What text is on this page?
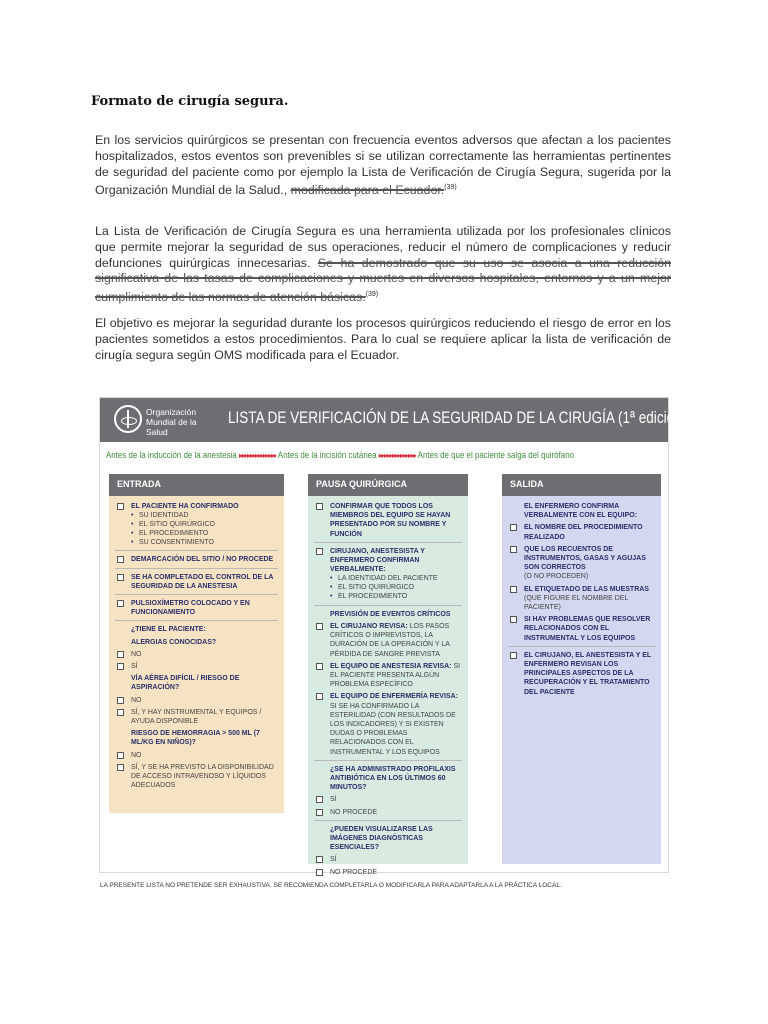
Formato de cirugía segura.

En los servicios quirúrgicos se presentan con frecuencia eventos adversos que afectan a los pacientes hospitalizados, estos eventos son prevenibles si se utilizan correctamente las herramientas pertinentes de seguridad del paciente como por ejemplo la Lista de Verificación de Cirugía Segura, sugerida por la Organización Mundial de la Salud., modificada para el Ecuador.$^{(39)}$

La Lista de Verificación de Cirugía Segura es una herramienta utilizada por los profesionales clínicos que permite mejorar la seguridad de sus operaciones, reducir el número de complicaciones y reducir defunciones quirúrgicas innecesarias. Se ha demostrado que su uso se asocia a una reducción significativa de las tasas de complicaciones y muertes en diversos hospitales, entornos y a un mejor cumplimiento de las normas de atención básicas.$^{(39)}$

El objetivo es mejorar la seguridad durante los procesos quirúrgicos reduciendo el riesgo de error en los pacientes sometidos a estos procedimientos. Para lo cual se requiere aplicar la lista de verificación de cirugía segura según OMS modificada para el Ecuador.

Organización
Mundial de la Salud
LISTA DE VERIFICACIÓN DE LA SEGURIDAD DE LA CIRUGÍA (1ª edición)
Antes de la inducción de la anestesia ▸▸▸▸▸▸▸▸▸▸▸▸▸▸ Antes de la incisión cutánea ▸▸▸▸▸▸▸▸▸▸▸▸▸▸ Antes de que el paciente salga del quirófano
ENTRADA
EL PACIENTE HA CONFIRMADO
• SU IDENTIDAD
• EL SITIO QUIRÚRGICO
• EL PROCEDIMIENTO
• SU CONSENTIMIENTO
DEMARCACIÓN DEL SITIO / NO PROCEDE
SE HA COMPLETADO EL CONTROL DE LA SEGURIDAD DE LA ANESTESIA
PULSIOXÍMETRO COLOCADO Y EN FUNCIONAMIENTO
¿TIENE EL PACIENTE:
ALERGIAS CONOCIDAS?
NO
SÍ
VÍA AÉREA DIFÍCIL / RIESGO DE ASPIRACIÓN?
NO
SÍ, Y HAY INSTRUMENTAL Y EQUIPOS / AYUDA DISPONIBLE
RIESGO DE HEMORRAGIA > 500 ML (7 ML/KG EN NIÑOS)?
NO
SÍ, Y SE HA PREVISTO LA DISPONIBILIDAD DE ACCESO INTRAVENOSO Y LÍQUIDOS ADECUADOS
PAUSA QUIRÚRGICA
CONFIRMAR QUE TODOS LOS MIEMBROS DEL EQUIPO SE HAYAN PRESENTADO POR SU NOMBRE Y FUNCIÓN
CIRUJANO, ANESTESISTA Y ENFERMERO CONFIRMAN VERBALMENTE:
• LA IDENTIDAD DEL PACIENTE
• EL SITIO QUIRÚRGICO
• EL PROCEDIMIENTO
PREVISIÓN DE EVENTOS CRÍTICOS
EL CIRUJANO REVISA: LOS PASOS CRÍTICOS O IMPREVISTOS, LA DURACIÓN DE LA OPERACIÓN Y LA PÉRDIDA DE SANGRE PREVISTA
EL EQUIPO DE ANESTESIA REVISA: SI EL PACIENTE PRESENTA ALGÚN PROBLEMA ESPECÍFICO
EL EQUIPO DE ENFERMERÍA REVISA: SI SE HA CONFIRMADO LA ESTERILIDAD (CON RESULTADOS DE LOS INDICADORES) Y SI EXISTEN DUDAS O PROBLEMAS RELACIONADOS CON EL INSTRUMENTAL Y LOS EQUIPOS
¿SE HA ADMINISTRADO PROFILAXIS ANTIBIÓTICA EN LOS ÚLTIMOS 60 MINUTOS?
SÍ
NO PROCEDE
¿PUEDEN VISUALIZARSE LAS IMÁGENES DIAGNÓSTICAS ESENCIALES?
SÍ
NO PROCEDE
SALIDA
EL ENFERMERO CONFIRMA VERBALMENTE CON EL EQUIPO:
EL NOMBRE DEL PROCEDIMIENTO REALIZADO
QUE LOS RECUENTOS DE INSTRUMENTOS, GASAS Y AGUJAS SON CORRECTOS
(O NO PROCEDEN)
EL ETIQUETADO DE LAS MUESTRAS
(QUE FIGURE EL NOMBRE DEL PACIENTE)
SI HAY PROBLEMAS QUE RESOLVER RELACIONADOS CON EL INSTRUMENTAL Y LOS EQUIPOS
EL CIRUJANO, EL ANESTESISTA Y EL ENFERMERO REVISAN LOS PRINCIPALES ASPECTOS DE LA RECUPERACIÓN Y EL TRATAMIENTO DEL PACIENTE
LA PRESENTE LISTA NO PRETENDE SER EXHAUSTIVA. SE RECOMIENDA COMPLETARLA O MODIFICARLA PARA ADAPTARLA A LA PRÁCTICA LOCAL.
